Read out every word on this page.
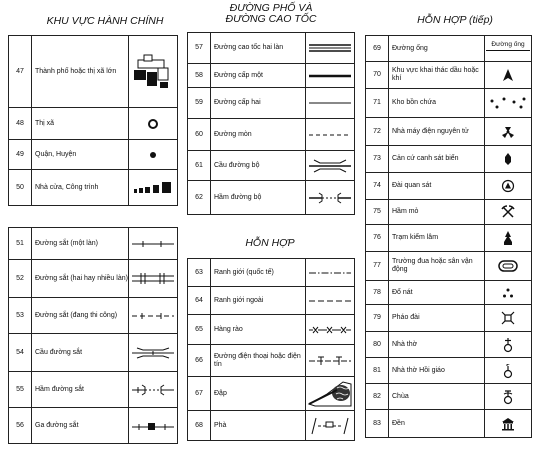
KHU VỰC HÀNH CHÍNH
ĐƯỜNG PHỐ VÀ
ĐƯỜNG CAO TỐC
HỖN HỢP
HỖN HỢP (tiếp)
47	Thành phố hoặc thị xã lớn	

48	Thị xã	

49	Quận, Huyện	

50	Nhà cửa, Công trình	
51	Đường sắt (một làn)	

52	Đường sắt (hai hay nhiều làn)	

53	Đường sắt (đang thi công)	

54	Cầu đường sắt	

55	Hầm đường sắt	

56	Ga đường sắt	
57	Đường cao tốc hai làn	

58	Đường cấp một	

59	Đường cấp hai	

60	Đường mòn	

61	Cầu đường bộ	

62	Hầm đường bộ	
63	Ranh giới (quốc tế)	

64	Ranh giới ngoài	

65	Hàng rào	

66	Đường điện thoại hoặc điện tín	

67	Đập	

68	Phà	
69	Đường ống	Đường ống

70	Khu vực khai thác dầu hoặc khí	

71	Kho bồn chứa	

72	Nhà máy điện nguyên tử	

73	Cản cứ canh sát biển	

74	Đài quan sát	

75	Hầm mỏ	

76	Trạm kiểm lâm	

77	Trường đua hoặc sân vận động	

78	Đổ nát	

79	Pháo đài	

80	Nhà thờ	

81	Nhà thờ Hồi giáo	

82	Chùa	

83	Đền	
